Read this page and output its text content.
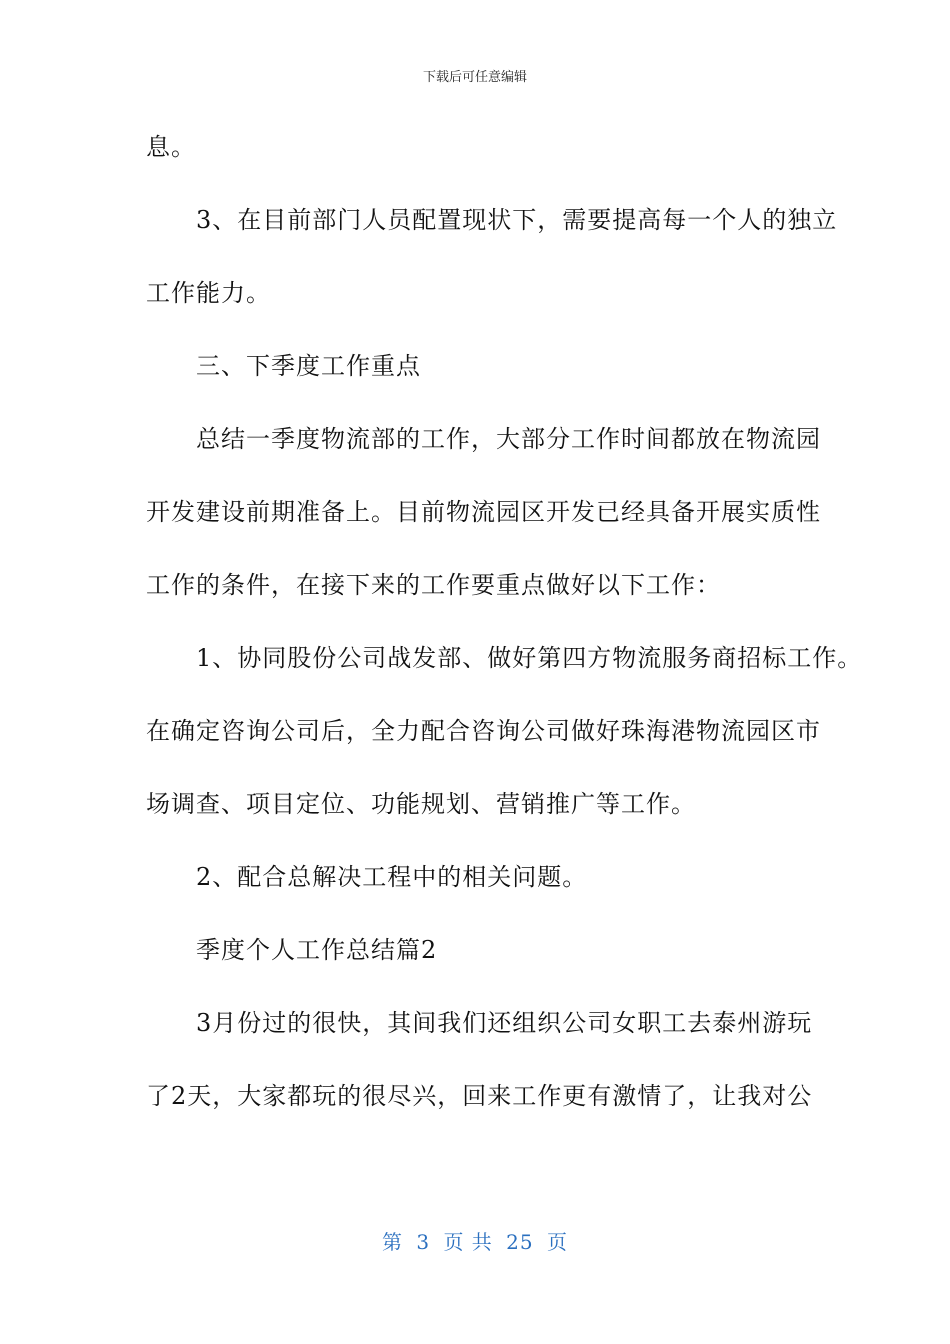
下载后可任意编辑
息。
　　3、在目前部门人员配置现状下，需要提高每一个人的独立
工作能力。
　　三、下季度工作重点
　　总结一季度物流部的工作，大部分工作时间都放在物流园
开发建设前期准备上。目前物流园区开发已经具备开展实质性
工作的条件，在接下来的工作要重点做好以下工作：
　　1、协同股份公司战发部、做好第四方物流服务商招标工作。
在确定咨询公司后，全力配合咨询公司做好珠海港物流园区市
场调查、项目定位、功能规划、营销推广等工作。
　　2、配合总解决工程中的相关问题。
　　季度个人工作总结篇2
　　3月份过的很快，其间我们还组织公司女职工去泰州游玩
了2天，大家都玩的很尽兴，回来工作更有激情了，让我对公
第 3 页 共 25 页
